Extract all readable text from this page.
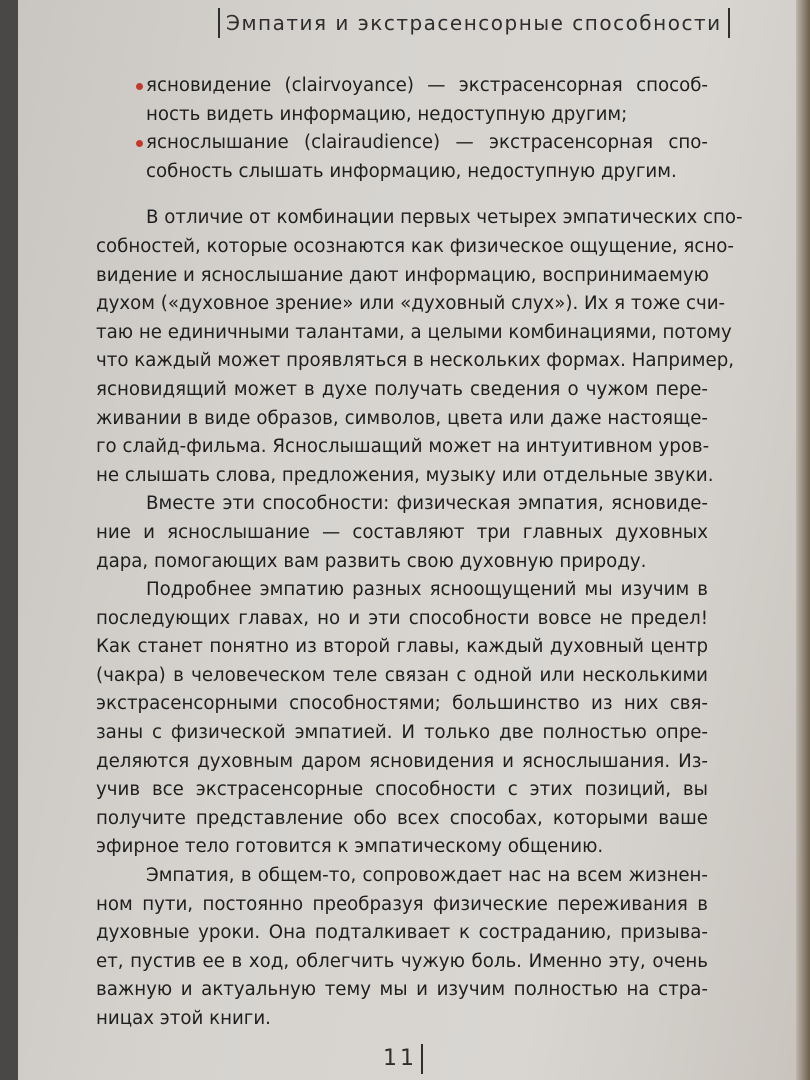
Эмпатия и экстрасенсорные способности
ясновидение (clairvoyance) — экстрасенсорная способ-
ность видеть информацию, недоступную другим;
яснослышание (clairaudience) — экстрасенсорная спо-
собность слышать информацию, недоступную другим.
В отличие от комбинации первых четырех эмпатических спо-
собностей, которые осознаются как физическое ощущение, ясно-
видение и яснослышание дают информацию, воспринимаемую
духом («духовное зрение» или «духовный слух»). Их я тоже счи-
таю не единичными талантами, а целыми комбинациями, потому
что каждый может проявляться в нескольких формах. Например,
ясновидящий может в духе получать сведения о чужом пере-
живании в виде образов, символов, цвета или даже настояще-
го слайд-фильма. Яснослышащий может на интуитивном уров-
не слышать слова, предложения, музыку или отдельные звуки.
Вместе эти способности: физическая эмпатия, ясновиде-
ние и яснослышание — составляют три главных духовных
дара, помогающих вам развить свою духовную природу.
Подробнее эмпатию разных ясноощущений мы изучим в
последующих главах, но и эти способности вовсе не предел!
Как станет понятно из второй главы, каждый духовный центр
(чакра) в человеческом теле связан с одной или несколькими
экстрасенсорными способностями; большинство из них свя-
заны с физической эмпатией. И только две полностью опре-
деляются духовным даром ясновидения и яснослышания. Из-
учив все экстрасенсорные способности с этих позиций, вы
получите представление обо всех способах, которыми ваше
эфирное тело готовится к эмпатическому общению.
Эмпатия, в общем-то, сопровождает нас на всем жизнен-
ном пути, постоянно преобразуя физические переживания в
духовные уроки. Она подталкивает к состраданию, призыва-
ет, пустив ее в ход, облегчить чужую боль. Именно эту, очень
важную и актуальную тему мы и изучим полностью на стра-
ницах этой книги.
11
